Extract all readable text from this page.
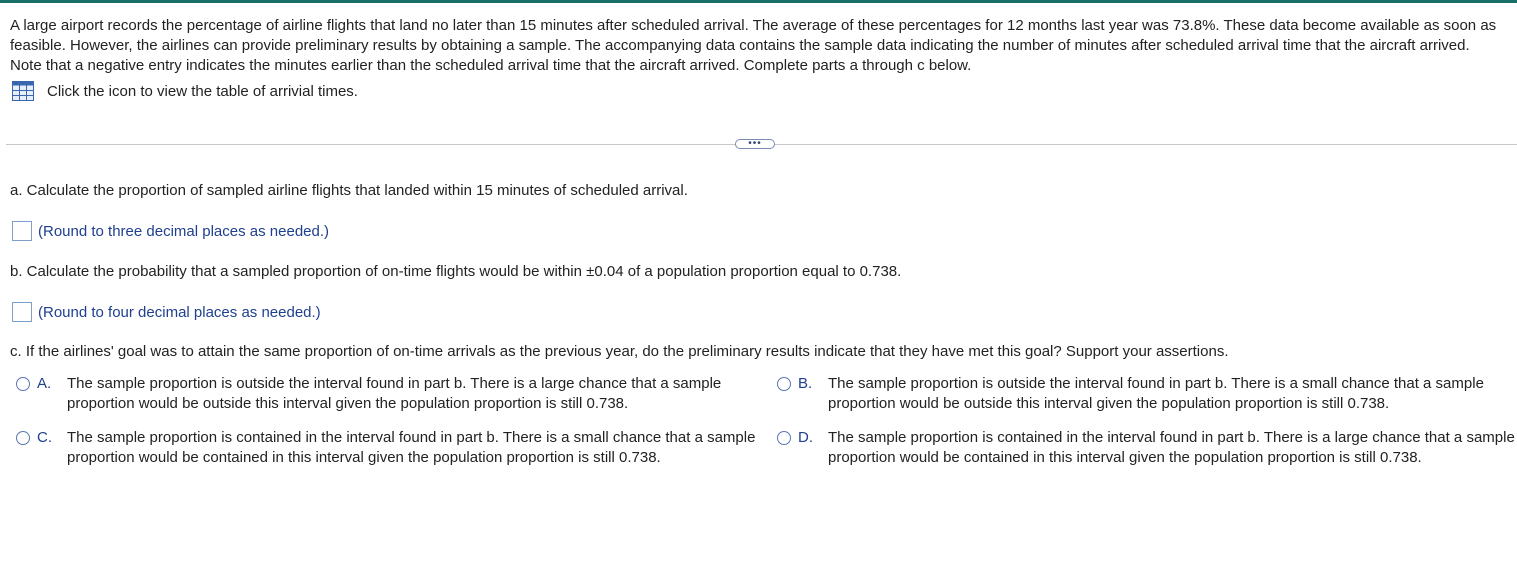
A large airport records the percentage of airline flights that land no later than 15 minutes after scheduled arrival. The average of these percentages for 12 months last year was 73.8%. These data become available as soon as feasible. However, the airlines can provide preliminary results by obtaining a sample. The accompanying data contains the sample data indicating the number of minutes after scheduled arrival time that the aircraft arrived. Note that a negative entry indicates the minutes earlier than the scheduled arrival time that the aircraft arrived. Complete parts a through c below.

Click the icon to view the table of arrivial times.
•••

a. Calculate the proportion of sampled airline flights that landed within 15 minutes of scheduled arrival.

(Round to three decimal places as needed.)

b. Calculate the probability that a sampled proportion of on-time flights would be within ±0.04 of a population proportion equal to 0.738.

(Round to four decimal places as needed.)

c. If the airlines' goal was to attain the same proportion of on-time arrivals as the previous year, do the preliminary results indicate that they have met this goal? Support your assertions.

A.	The sample proportion is outside the interval found in part b. There is a large chance that a sample proportion would be outside this interval given the population proportion is still 0.738.
B.	The sample proportion is outside the interval found in part b. There is a small chance that a sample proportion would be outside this interval given the population proportion is still 0.738.
C.	The sample proportion is contained in the interval found in part b. There is a small chance that a sample proportion would be contained in this interval given the population proportion is still 0.738.
D.	The sample proportion is contained in the interval found in part b. There is a large chance that a sample proportion would be contained in this interval given the population proportion is still 0.738.
